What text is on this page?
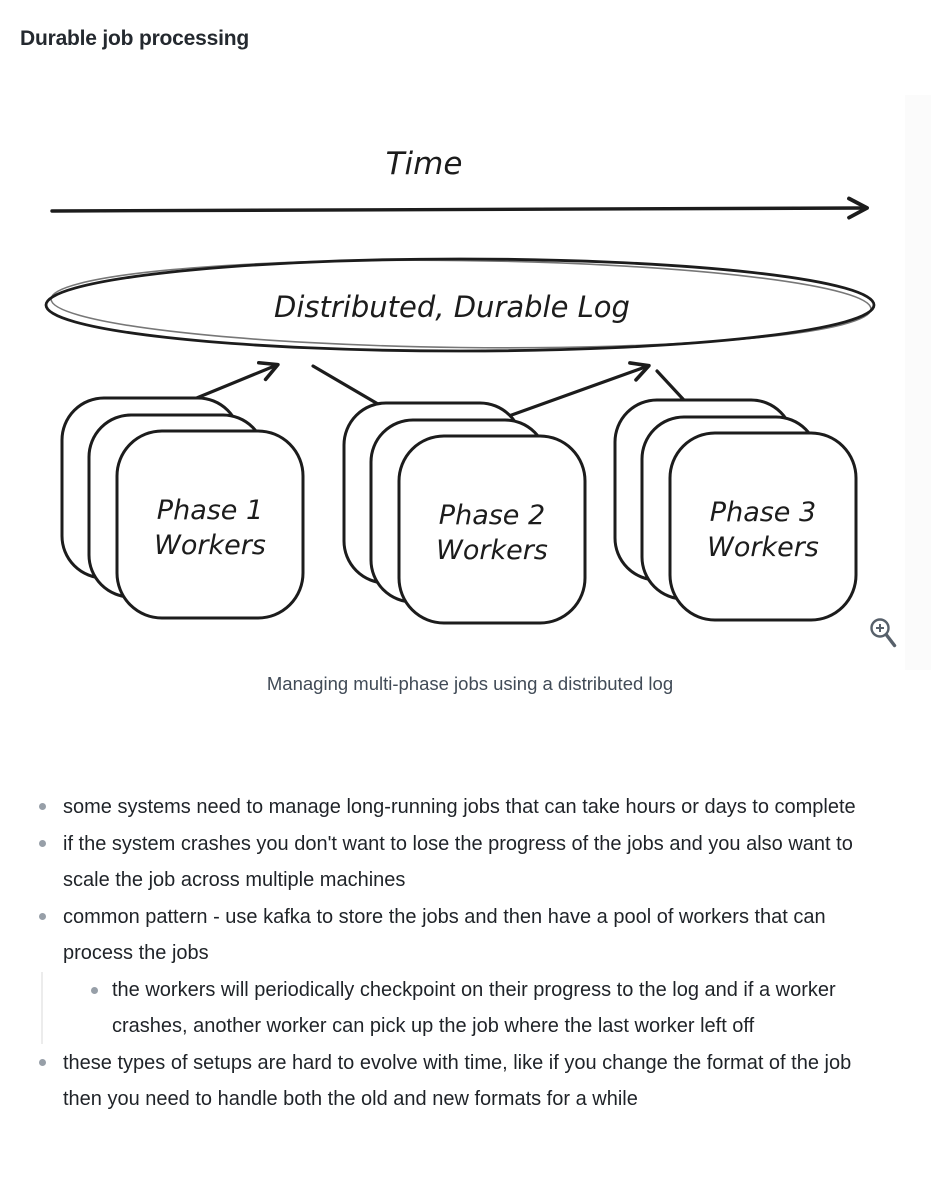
Durable job processing
Time
Distributed, Durable Log
Phase 1
Workers
Phase 2
Workers
Phase 3
Workers
Managing multi-phase jobs using a distributed log
some systems need to manage long-running jobs that can take hours or days to complete
if the system crashes you don't want to lose the progress of the jobs and you also want to scale the job across multiple machines
common pattern - use kafka to store the jobs and then have a pool of workers that can process the jobs
the workers will periodically checkpoint on their progress to the log and if a worker crashes, another worker can pick up the job where the last worker left off
these types of setups are hard to evolve with time, like if you change the format of the job then you need to handle both the old and new formats for a while
